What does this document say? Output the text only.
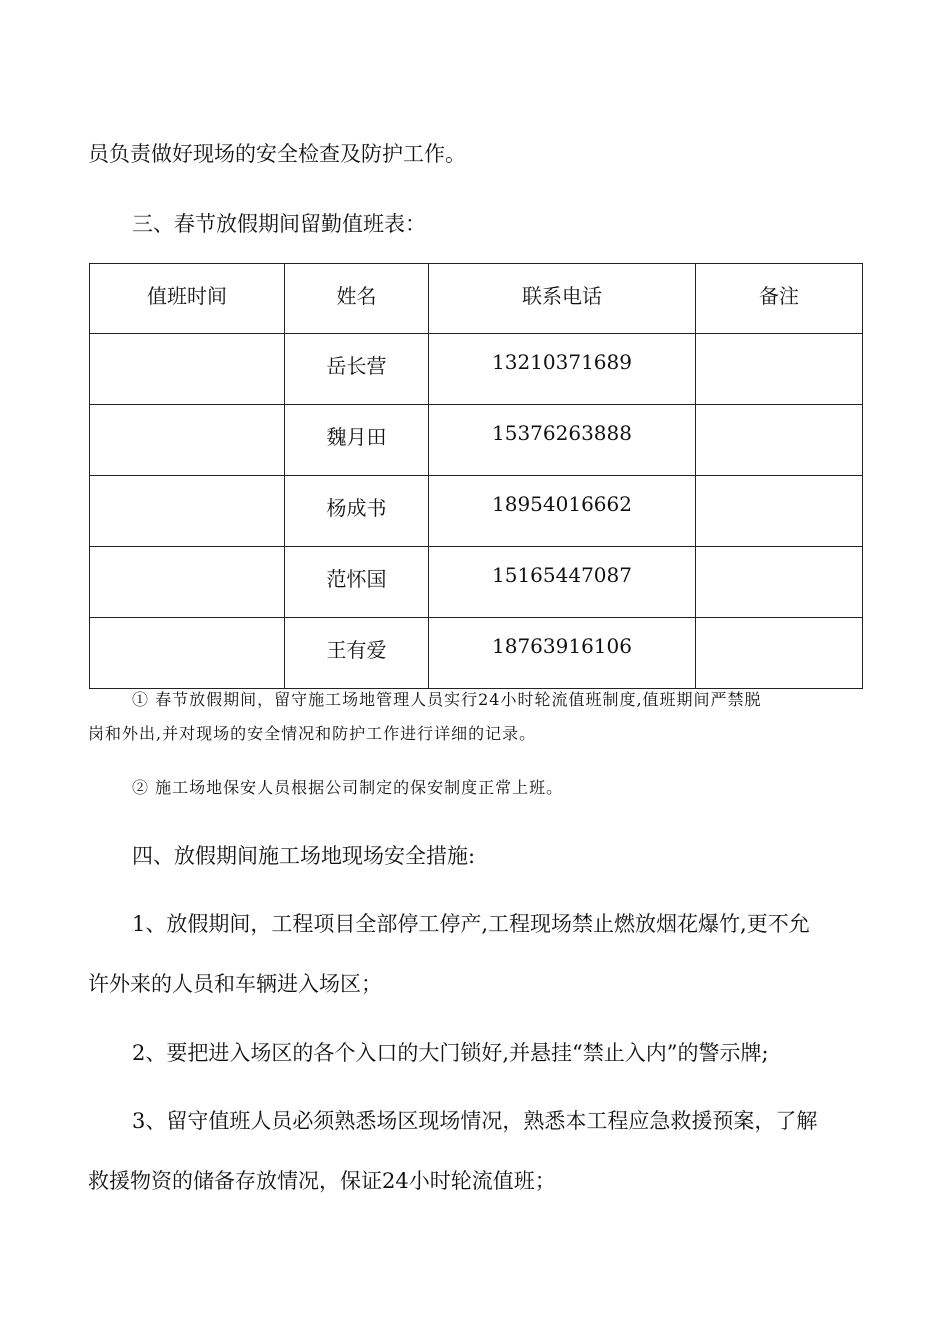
员负责做好现场的安全检查及防护工作。

三、春节放假期间留勤值班表：

值班时间	姓名	联系电话	备注
	岳长营	13210371689	
	魏月田	15376263888	
	杨成书	18954016662	
	范怀国	15165447087	
	王有爱	18763916106	

① 春节放假期间，留守施工场地管理人员实行24小时轮流值班制度,值班期间严禁脱
岗和外出,并对现场的安全情况和防护工作进行详细的记录。

② 施工场地保安人员根据公司制定的保安制度正常上班。

四、放假期间施工场地现场安全措施:

1、放假期间，工程项目全部停工停产,工程现场禁止燃放烟花爆竹,更不允

许外来的人员和车辆进入场区；

2、要把进入场区的各个入口的大门锁好,并悬挂“禁止入内”的警示牌;

3、留守值班人员必须熟悉场区现场情况，熟悉本工程应急救援预案，了解

救援物资的储备存放情况，保证24小时轮流值班；
